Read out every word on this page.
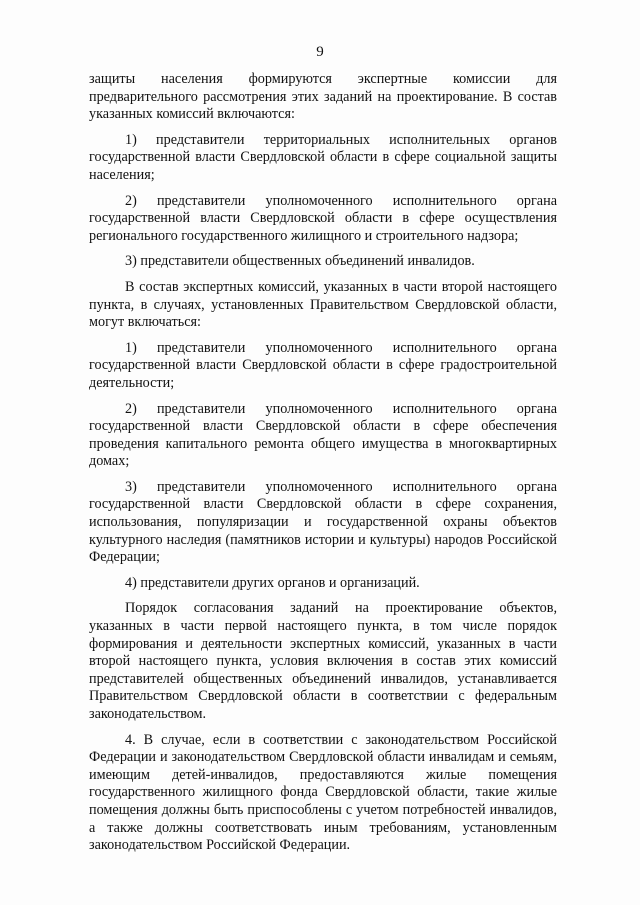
9

защиты населения формируются экспертные комиссии для предварительного рассмотрения этих заданий на проектирование. В состав указанных комиссий включаются:

1) представители территориальных исполнительных органов государственной власти Свердловской области в сфере социальной защиты населения;

2) представители уполномоченного исполнительного органа государственной власти Свердловской области в сфере осуществления регионального государственного жилищного и строительного надзора;

3) представители общественных объединений инвалидов.

В состав экспертных комиссий, указанных в части второй настоящего пункта, в случаях, установленных Правительством Свердловской области, могут включаться:

1) представители уполномоченного исполнительного органа государственной власти Свердловской области в сфере градостроительной деятельности;

2) представители уполномоченного исполнительного органа государственной власти Свердловской области в сфере обеспечения проведения капитального ремонта общего имущества в многоквартирных домах;

3) представители уполномоченного исполнительного органа государственной власти Свердловской области в сфере сохранения, использования, популяризации и государственной охраны объектов культурного наследия (памятников истории и культуры) народов Российской Федерации;

4) представители других органов и организаций.

Порядок согласования заданий на проектирование объектов, указанных в части первой настоящего пункта, в том числе порядок формирования и деятельности экспертных комиссий, указанных в части второй настоящего пункта, условия включения в состав этих комиссий представителей общественных объединений инвалидов, устанавливается Правительством Свердловской области в соответствии с федеральным законодательством.

4. В случае, если в соответствии с законодательством Российской Федерации и законодательством Свердловской области инвалидам и семьям, имеющим детей-инвалидов, предоставляются жилые помещения государственного жилищного фонда Свердловской области, такие жилые помещения должны быть приспособлены с учетом потребностей инвалидов, а также должны соответствовать иным требованиям, установленным законодательством Российской Федерации.
